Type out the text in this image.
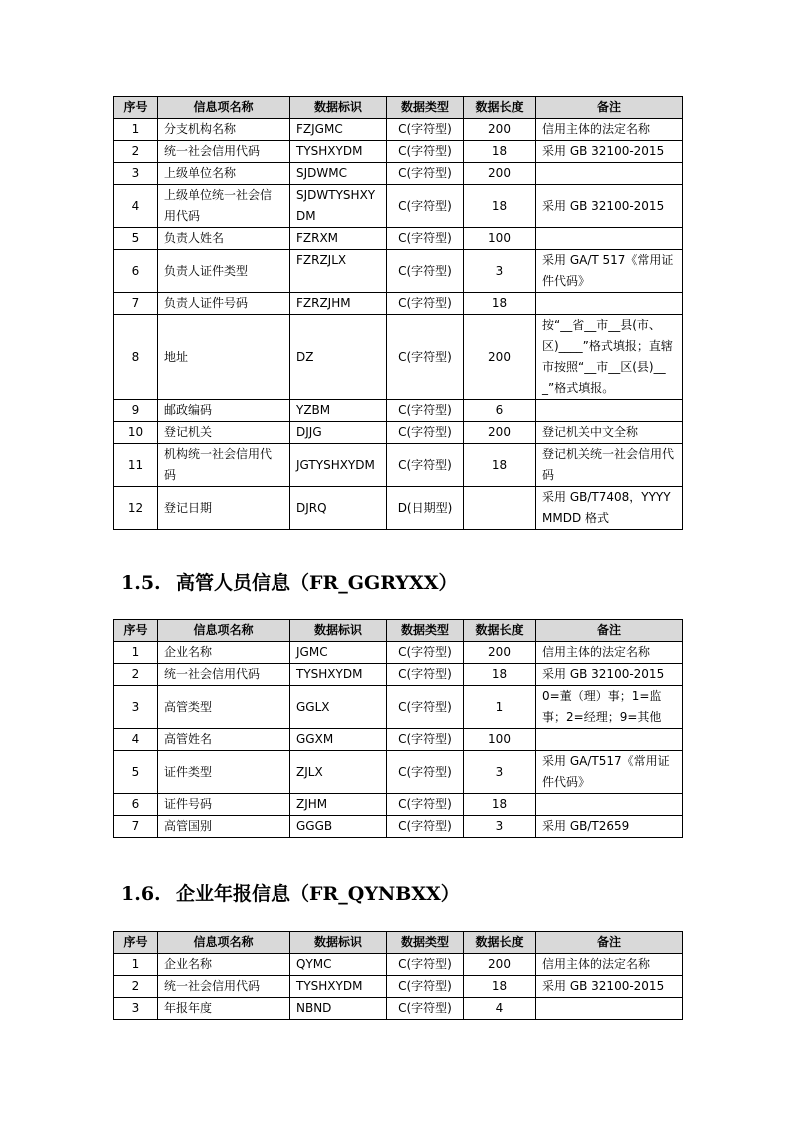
序号	信息项名称	数据标识	数据类型	数据长度	备注
1	分支机构名称	FZJGMC	C(字符型)	200	信用主体的法定名称
2	统一社会信用代码	TYSHXYDM	C(字符型)	18	采用 GB 32100-2015
3	上级单位名称	SJDWMC	C(字符型)	200	
4	上级单位统一社会信用代码	SJDWTYSHXYDM	C(字符型)	18	采用 GB 32100-2015
5	负责人姓名	FZRXM	C(字符型)	100	
6	负责人证件类型	FZRZJLX	C(字符型)	3	采用 GA/T 517《常用证件代码》
7	负责人证件号码	FZRZJHM	C(字符型)	18	
8	地址	DZ	C(字符型)	200	按“__省__市__县(市、区)____”格式填报；直辖市按照“__市__区(县)___”格式填报。
9	邮政编码	YZBM	C(字符型)	6	
10	登记机关	DJJG	C(字符型)	200	登记机关中文全称
11	机构统一社会信用代码	JGTYSHXYDM	C(字符型)	18	登记机关统一社会信用代码
12	登记日期	DJRQ	D(日期型)		采用 GB/T7408，YYYYMMDD 格式
1.5. 高管人员信息（FR_GGRYXX）
序号	信息项名称	数据标识	数据类型	数据长度	备注
1	企业名称	JGMC	C(字符型)	200	信用主体的法定名称
2	统一社会信用代码	TYSHXYDM	C(字符型)	18	采用 GB 32100-2015
3	高管类型	GGLX	C(字符型)	1	0=董（理）事；1=监事；2=经理；9=其他
4	高管姓名	GGXM	C(字符型)	100	
5	证件类型	ZJLX	C(字符型)	3	采用 GA/T517《常用证件代码》
6	证件号码	ZJHM	C(字符型)	18	
7	高管国别	GGGB	C(字符型)	3	采用 GB/T2659
1.6. 企业年报信息（FR_QYNBXX）
序号	信息项名称	数据标识	数据类型	数据长度	备注
1	企业名称	QYMC	C(字符型)	200	信用主体的法定名称
2	统一社会信用代码	TYSHXYDM	C(字符型)	18	采用 GB 32100-2015
3	年报年度	NBND	C(字符型)	4	
